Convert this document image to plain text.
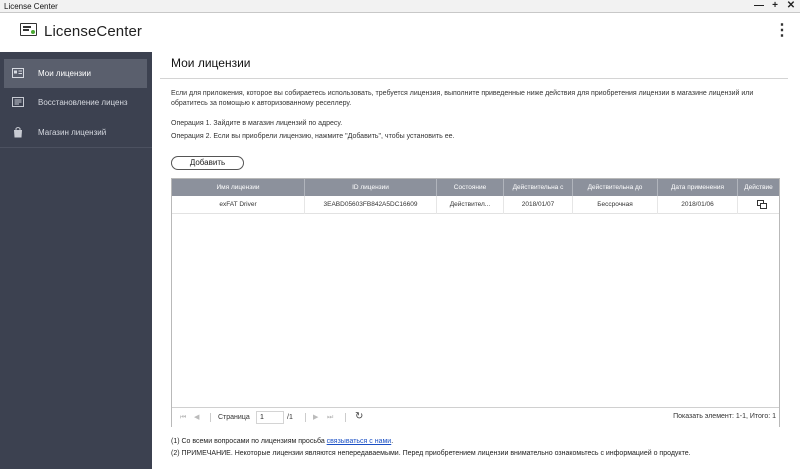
License Center	— + ✕
LicenseCenter	⋮
Мои лицензии
Восстановление лиценз
Магазин лицензий
Мои лицензии
Если для приложения, которое вы собираетесь использовать, требуется лицензия, выполните приведенные ниже действия для приобретения лицензии в магазине лицензий или обратитесь за помощью к авторизованному реселлеру.
Операция 1. Зайдите в магазин лицензий по адресу.
Операция 2. Если вы приобрели лицензию, нажмите "Добавить", чтобы установить ее.
Добавить
Имя лицензии	ID лицензии	Состояние	Действительна с	Действительна до	Дата применения	Действие
exFAT Driver	3EABD05603FB842A5DC16609	Действител...	2018/01/07	Бессрочная	2018/01/06
⏮ ◀	Страница
1	/1	▶ ⏭ ↻	Показать элемент: 1-1, Итого: 1
(1) Со всеми вопросами по лицензиям просьба связываться с нами.
(2) ПРИМЕЧАНИЕ. Некоторые лицензии являются непередаваемыми. Перед приобретением лицензии внимательно ознакомьтесь с информацией о продукте.
